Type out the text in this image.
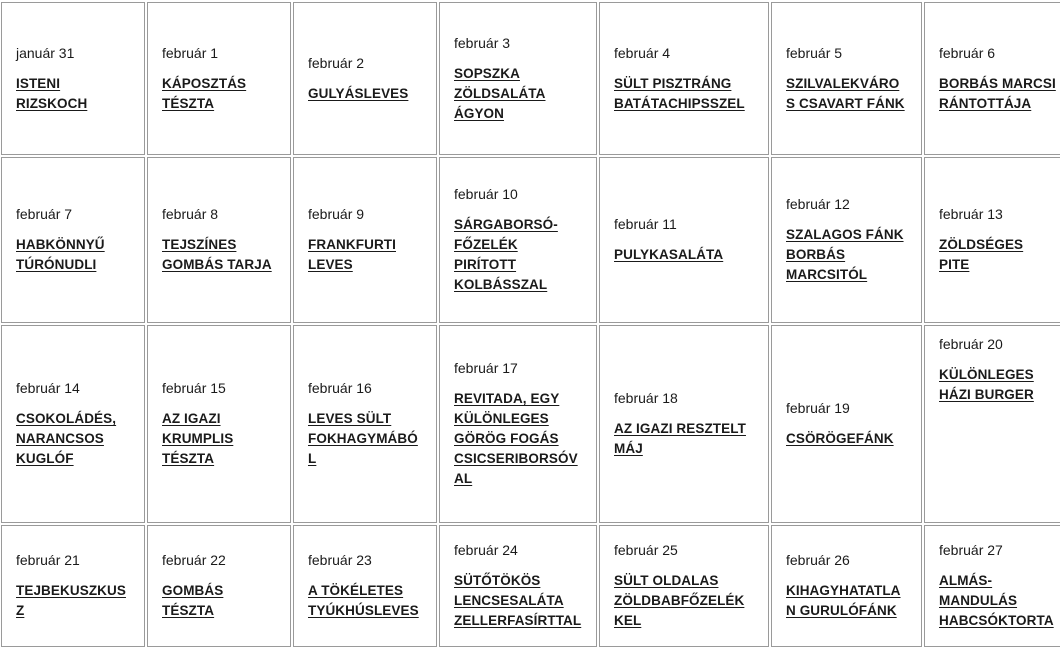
január 31
ISTENI RIZSKOCH
február 1
KÁPOSZTÁS TÉSZTA
február 2
GULYÁSLEVES
február 3
SOPSZKA ZÖLDSALÁTA ÁGYON
február 4
SÜLT PISZTRÁNG BATÁTACHIPSSZEL
február 5
SZILVALEKVÁROS CSAVART FÁNK
február 6
BORBÁS MARCSI RÁNTOTTÁJA
február 7
HABKÖNNYŰ TÚRÓNUDLI
február 8
TEJSZÍNES GOMBÁS TARJA
február 9
FRANKFURTI LEVES
február 10
SÁRGABORSÓ-FŐZELÉK PIRÍTOTT KOLBÁSSZAL
február 11
PULYKASALÁTA
február 12
SZALAGOS FÁNK BORBÁS MARCSITÓL
február 13
ZÖLDSÉGES PITE
február 14
CSOKOLÁDÉS, NARANCSOS KUGLÓF
február 15
AZ IGAZI KRUMPLIS TÉSZTA
február 16
LEVES SÜLT FOKHAGYMÁBÓL
február 17
REVITADA, EGY KÜLÖNLEGES GÖRÖG FOGÁS CSICSERIBORSÓVAL
február 18
AZ IGAZI RESZTELT MÁJ
február 19
CSÖRÖGEFÁNK
február 20
KÜLÖNLEGES HÁZI BURGER
február 21
TEJBEKUSZKUSZ
február 22
GOMBÁS TÉSZTA
február 23
A TÖKÉLETES TYÚKHÚSLEVES
február 24
SÜTŐTÖKÖS LENCSESALÁTA ZELLERFASÍRTTAL
február 25
SÜLT OLDALAS ZÖLDBABFŐZELÉKKEL
február 26
KIHAGYHATATLAN GURULÓFÁNK
február 27
ALMÁS-MANDULÁS HABCSÓKTORTA
